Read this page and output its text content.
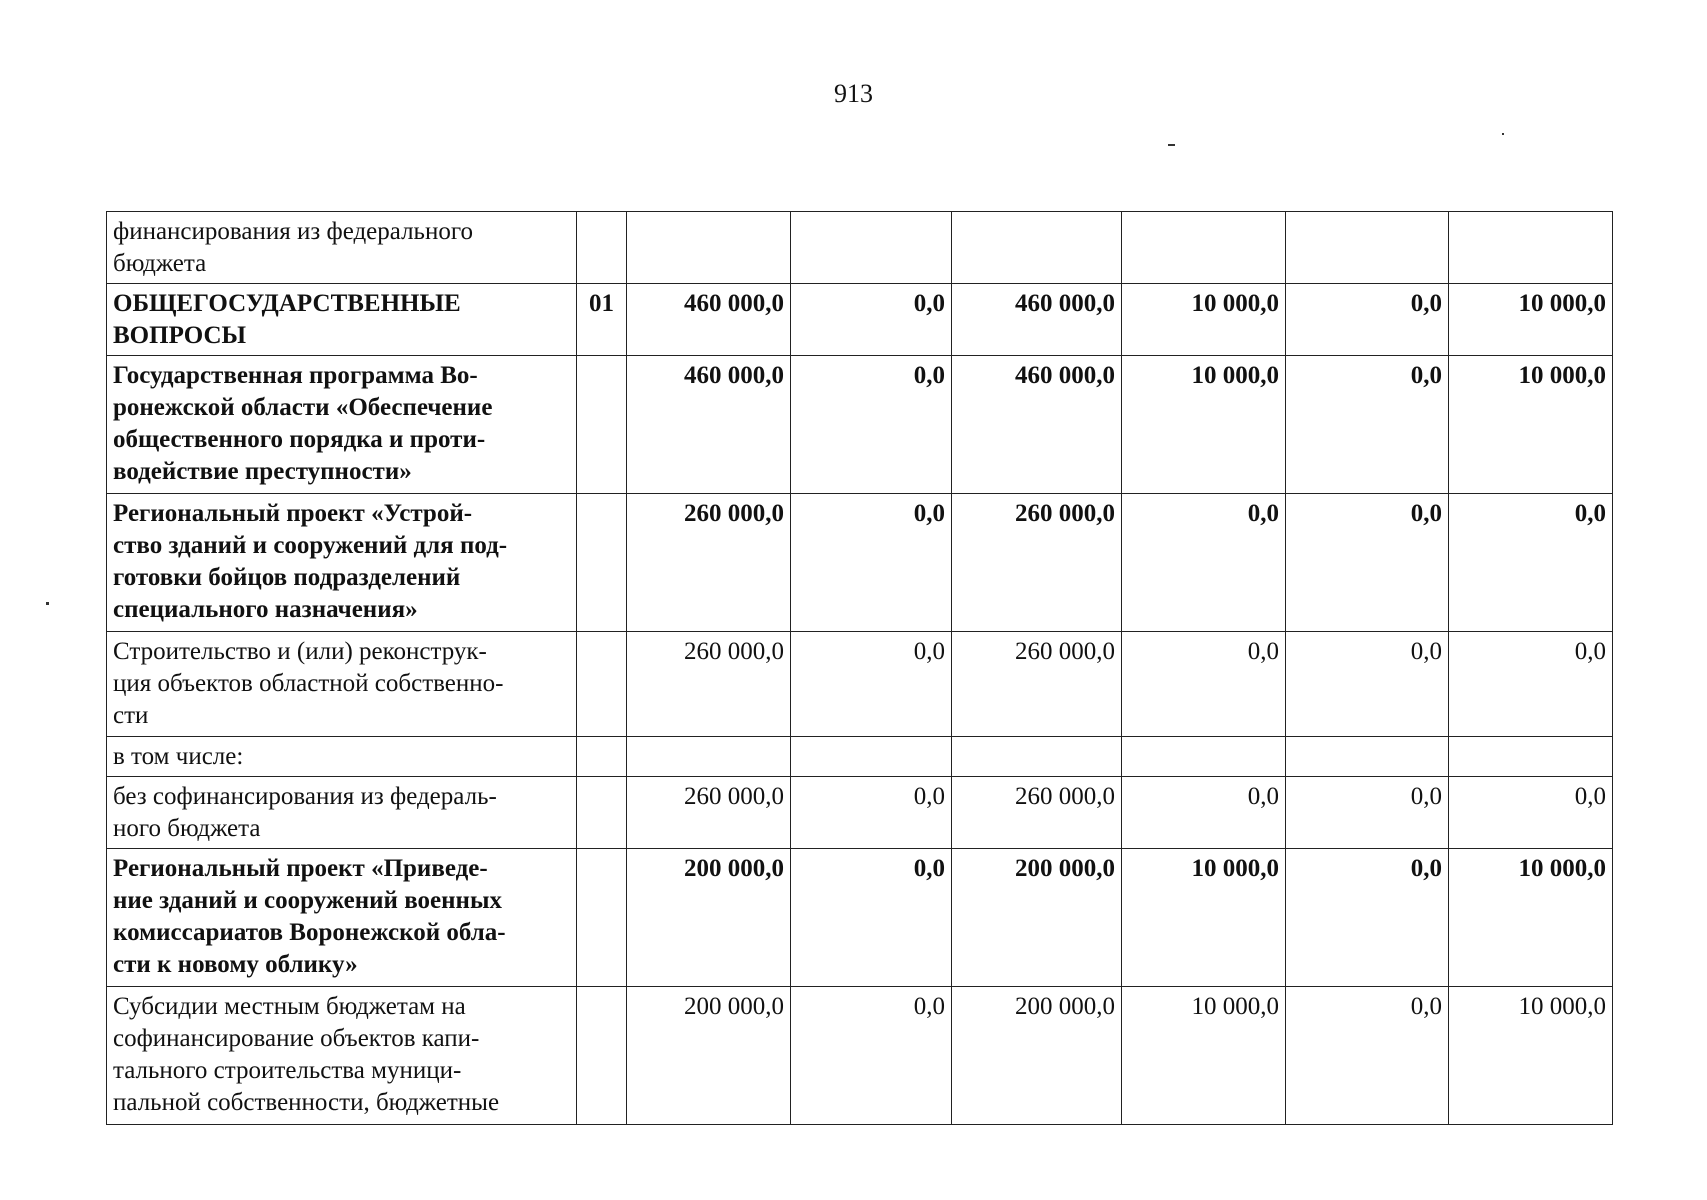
913
финансирования из федерального
бюджета							

ОБЩЕГОСУДАРСТВЕННЫЕ
ВОПРОСЫ	01	460 000,0	0,0	460 000,0	10 000,0	0,0	10 000,0

Государственная программа Во-
ронежской области «Обеспечение
общественного порядка и проти-
водействие преступности»		460 000,0	0,0	460 000,0	10 000,0	0,0	10 000,0

Региональный проект «Устрой-
ство зданий и сооружений для под-
готовки бойцов подразделений
специального назначения»		260 000,0	0,0	260 000,0	0,0	0,0	0,0

Строительство и (или) реконструк-
ция объектов областной собственно-
сти		260 000,0	0,0	260 000,0	0,0	0,0	0,0

в том числе:							

без софинансирования из федераль-
ного бюджета		260 000,0	0,0	260 000,0	0,0	0,0	0,0

Региональный проект «Приведе-
ние зданий и сооружений военных
комиссариатов Воронежской обла-
сти к новому облику»		200 000,0	0,0	200 000,0	10 000,0	0,0	10 000,0

Субсидии местным бюджетам на
софинансирование объектов капи-
тального строительства муници-
пальной собственности, бюджетные		200 000,0	0,0	200 000,0	10 000,0	0,0	10 000,0
